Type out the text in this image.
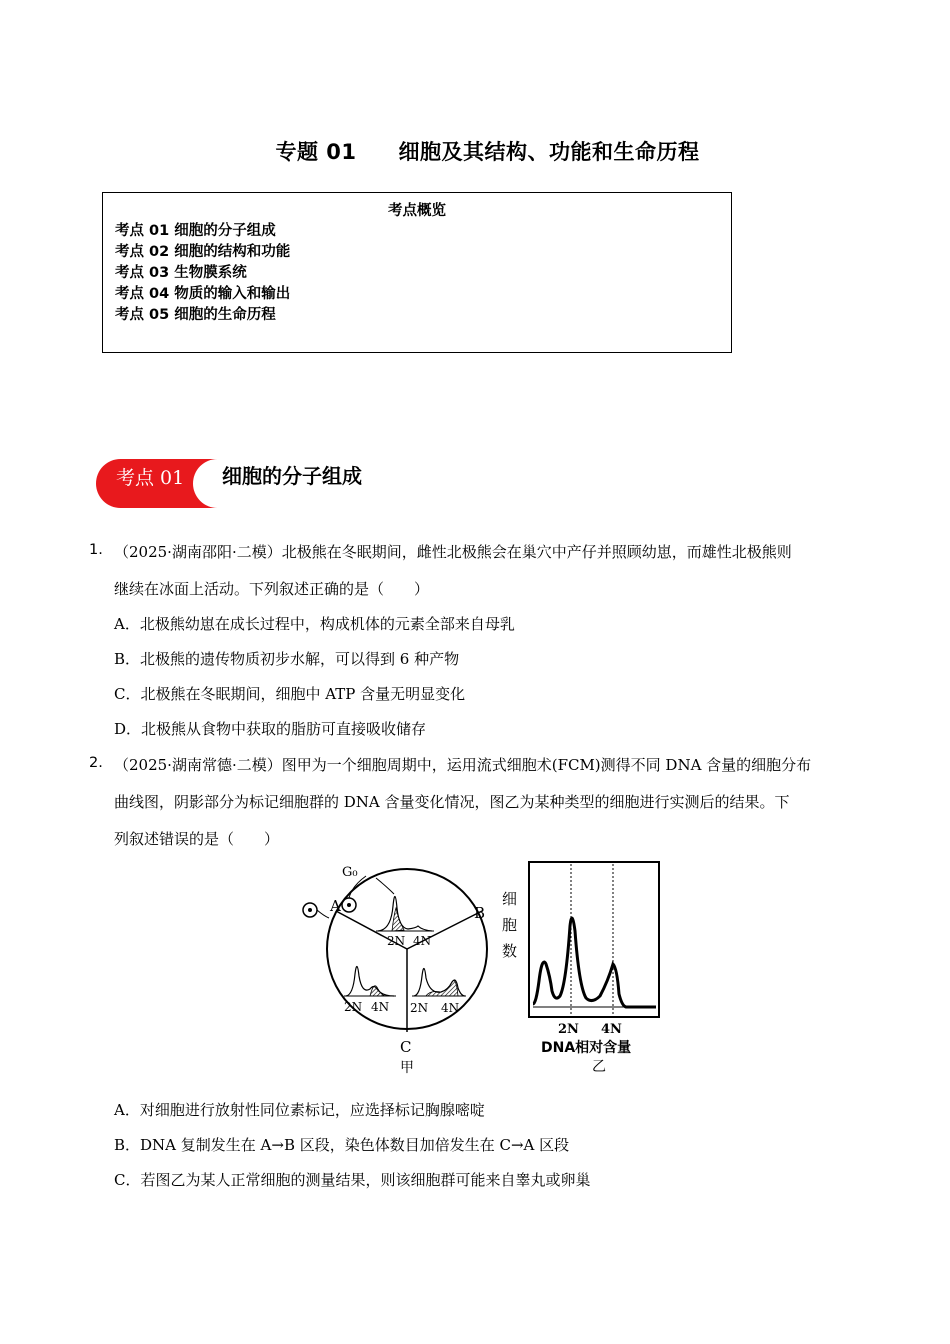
专题 01 细胞及其结构、功能和生命历程
考点概览
考点 01 细胞的分子组成
考点 02 细胞的结构和功能
考点 03 生物膜系统
考点 04 物质的输入和输出
考点 05 细胞的生命历程
考点 01 细胞的分子组成
1. （2025·湖南邵阳·二模）北极熊在冬眠期间，雌性北极熊会在巢穴中产仔并照顾幼崽，而雄性北极熊则
继续在冰面上活动。下列叙述正确的是（　　）
A．北极熊幼崽在成长过程中，构成机体的元素全部来自母乳
B．北极熊的遗传物质初步水解，可以得到 6 种产物
C．北极熊在冬眠期间，细胞中 ATP 含量无明显变化
D．北极熊从食物中获取的脂肪可直接吸收储存
2. （2025·湖南常德·二模）图甲为一个细胞周期中，运用流式细胞术(FCM)测得不同 DNA 含量的细胞分布
曲线图，阴影部分为标记细胞群的 DNA 含量变化情况，图乙为某种类型的细胞进行实测后的结果。下
列叙述错误的是（　　）
2N 4N
2N 4N 2N 4N
G₀
A	B
C
甲
细
胞
数
2N 4N
DNA相对含量
乙
A．对细胞进行放射性同位素标记，应选择标记胸腺嘧啶
B．DNA 复制发生在 A→B 区段，染色体数目加倍发生在 C→A 区段
C．若图乙为某人正常细胞的测量结果，则该细胞群可能来自睾丸或卵巢
